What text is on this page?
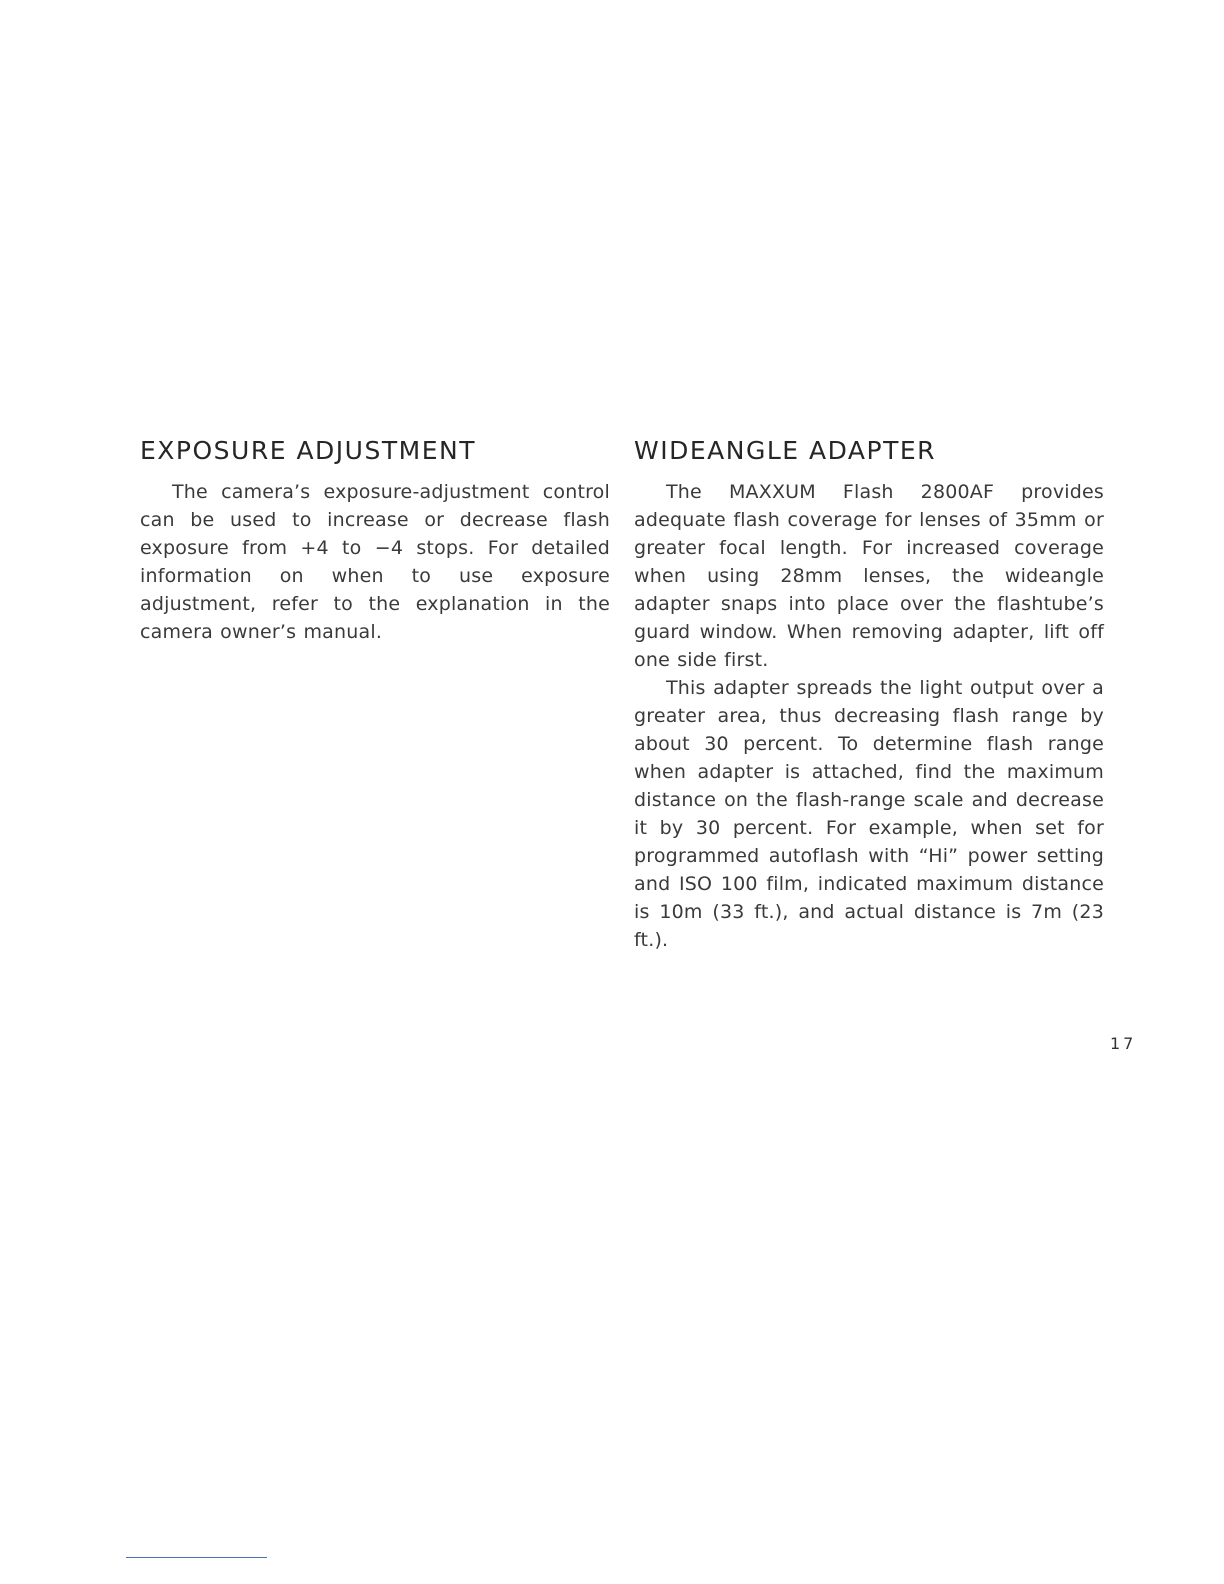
EXPOSURE ADJUSTMENT

The camera’s exposure-adjustment control can be used to increase or decrease flash exposure from +4 to −4 stops. For detailed information on when to use exposure adjustment, refer to the explanation in the camera owner’s manual.

WIDEANGLE ADAPTER

The MAXXUM Flash 2800AF provides adequate flash coverage for lenses of 35mm or greater focal length. For increased coverage when using 28mm lenses, the wideangle adapter snaps into place over the flashtube’s guard window. When removing adapter, lift off one side first.

This adapter spreads the light output over a greater area, thus decreasing flash range by about 30 percent. To determine flash range when adapter is attached, find the maximum distance on the flash-range scale and decrease it by 30 percent. For example, when set for programmed autoflash with “Hi” power setting and ISO 100 film, indicated maximum distance is 10m (33 ft.), and actual distance is 7m (23 ft.).

17
